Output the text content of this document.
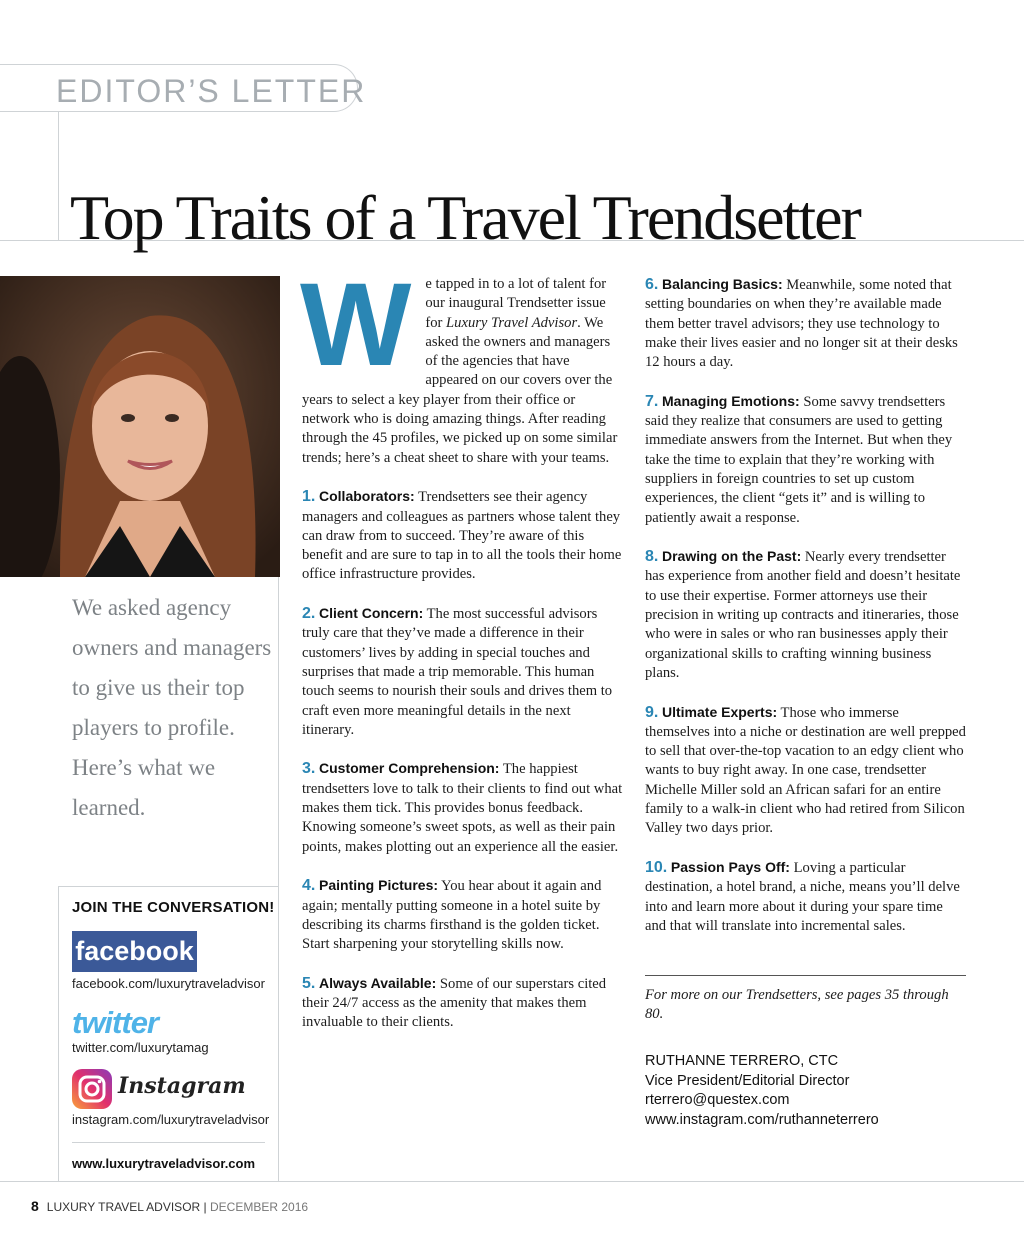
EDITOR’S LETTER
Top Traits of a Travel Trendsetter
We asked agency owners and managers to give us their top players to profile. Here’s what we learned.
JOIN THE CONVERSATION!
facebook
facebook.com/luxurytraveladvisor
twitter
twitter.com/luxurytamag
Instagram
instagram.com/luxurytraveladvisor
www.luxurytraveladvisor.com

We tapped in to a lot of talent for our inaugural Trendsetter issue for Luxury Travel Advisor. We asked the owners and managers of the agencies that have appeared on our covers over the years to select a key player from their office or network who is doing amazing things. After reading through the 45 profiles, we picked up on some similar trends; here’s a cheat sheet to share with your teams.

1. Collaborators: Trendsetters see their agency managers and colleagues as partners whose talent they can draw from to succeed. They’re aware of this benefit and are sure to tap in to all the tools their home office infrastructure provides.

2. Client Concern: The most successful advisors truly care that they’ve made a difference in their customers’ lives by adding in special touches and surprises that made a trip memorable. This human touch seems to nourish their souls and drives them to craft even more meaningful details in the next itinerary.

3. Customer Comprehension: The happiest trendsetters love to talk to their clients to find out what makes them tick. This provides bonus feedback. Knowing someone’s sweet spots, as well as their pain points, makes plotting out an experience all the easier.

4. Painting Pictures: You hear about it again and again; mentally putting someone in a hotel suite by describing its charms firsthand is the golden ticket. Start sharpening your storytelling skills now.

5. Always Available: Some of our superstars cited their 24/7 access as the amenity that makes them invaluable to their clients.

6. Balancing Basics: Meanwhile, some noted that setting boundaries on when they’re available made them better travel advisors; they use technology to make their lives easier and no longer sit at their desks 12 hours a day.

7. Managing Emotions: Some savvy trendsetters said they realize that consumers are used to getting immediate answers from the Internet. But when they take the time to explain that they’re working with suppliers in foreign countries to set up custom experiences, the client “gets it” and is willing to patiently await a response.

8. Drawing on the Past: Nearly every trendsetter has experience from another field and doesn’t hesitate to use their expertise. Former attorneys use their precision in writing up contracts and itineraries, those who were in sales or who ran businesses apply their organizational skills to crafting winning business plans.

9. Ultimate Experts: Those who immerse themselves into a niche or destination are well prepped to sell that over-the-top vacation to an edgy client who wants to buy right away. In one case, trendsetter Michelle Miller sold an African safari for an entire family to a walk-in client who had retired from Silicon Valley two days prior.

10. Passion Pays Off: Loving a particular destination, a hotel brand, a niche, means you’ll delve into and learn more about it during your spare time and that will translate into incremental sales.

For more on our Trendsetters, see pages 35 through 80.
RUTHANNE TERRERO, CTC
Vice President/Editorial Director
rterrero@questex.com
www.instagram.com/ruthanneterrero
8 LUXURY TRAVEL ADVISOR | DECEMBER 2016
